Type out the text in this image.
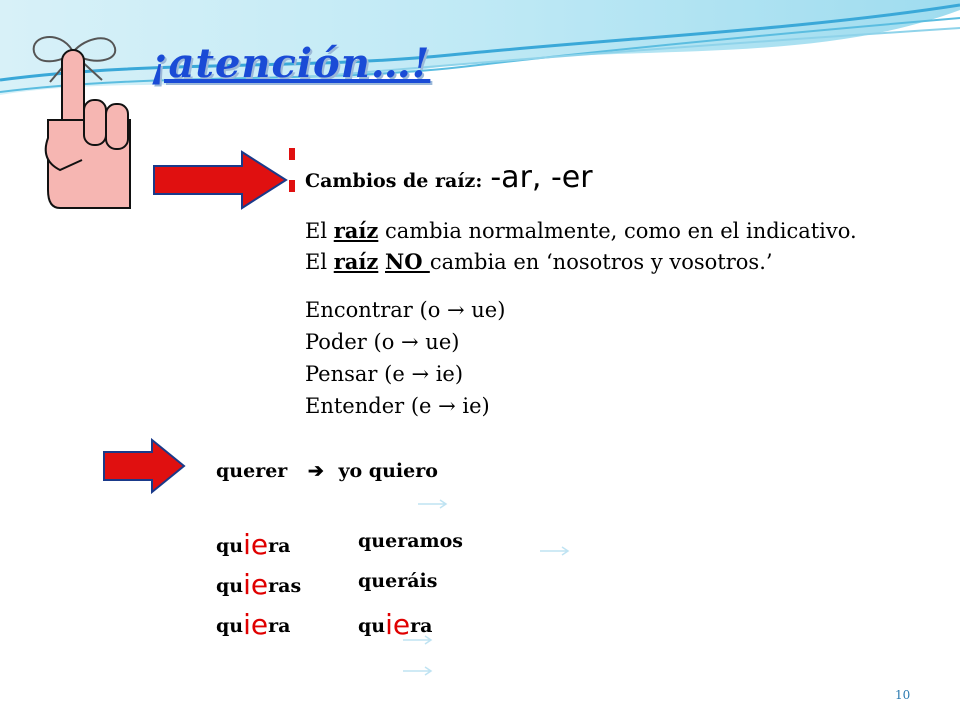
¡atención…!
Cambios de raíz: -ar, -er
El raíz cambia normalmente, como en el indicativo.
El raíz NO cambia en ‘nosotros y vosotros.’
Encontrar (o → ue)
Poder (o → ue)
Pensar (e → ie)
Entender (e → ie)
querer ➔ yo quiero
quiera
quieras
quiera
queramos
queráis
quiera
10
